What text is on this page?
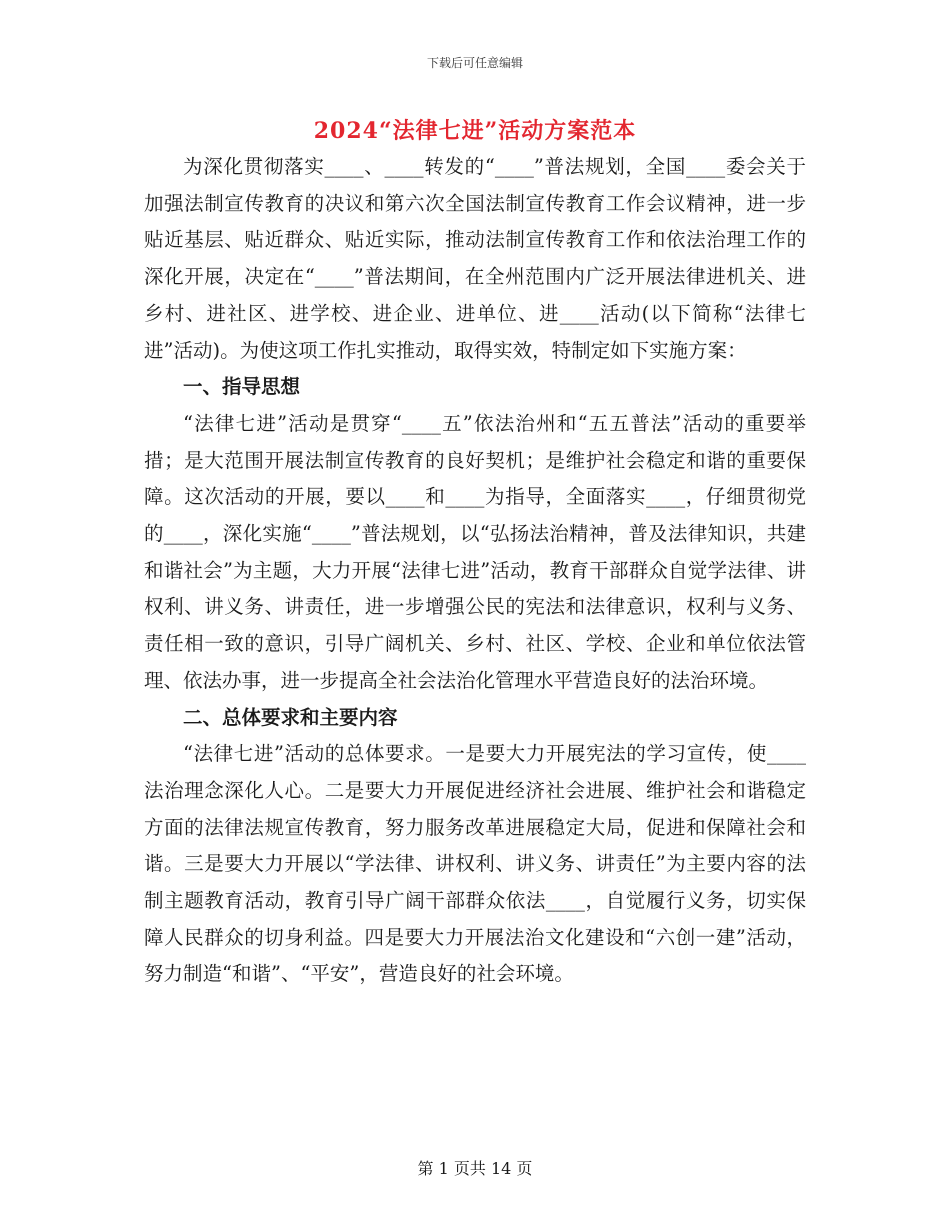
下载后可任意编辑
2024“法律七进”活动方案范本

为深化贯彻落实____、____转发的“____”普法规划，全国____委会关于加强法制宣传教育的决议和第六次全国法制宣传教育工作会议精神，进一步贴近基层、贴近群众、贴近实际，推动法制宣传教育工作和依法治理工作的深化开展，决定在“____”普法期间，在全州范围内广泛开展法律进机关、进乡村、进社区、进学校、进企业、进单位、进____活动(以下简称“法律七进”活动)。为使这项工作扎实推动，取得实效，特制定如下实施方案：

一、指导思想

“法律七进”活动是贯穿“____五”依法治州和“五五普法”活动的重要举措；是大范围开展法制宣传教育的良好契机；是维护社会稳定和谐的重要保障。这次活动的开展，要以____和____为指导，全面落实____，仔细贯彻党的____，深化实施“____”普法规划，以“弘扬法治精神，普及法律知识，共建和谐社会”为主题，大力开展“法律七进”活动，教育干部群众自觉学法律、讲权利、讲义务、讲责任，进一步增强公民的宪法和法律意识，权利与义务、责任相一致的意识，引导广阔机关、乡村、社区、学校、企业和单位依法管理、依法办事，进一步提高全社会法治化管理水平营造良好的法治环境。

二、总体要求和主要内容

“法律七进”活动的总体要求。一是要大力开展宪法的学习宣传，使____法治理念深化人心。二是要大力开展促进经济社会进展、维护社会和谐稳定方面的法律法规宣传教育，努力服务改革进展稳定大局，促进和保障社会和谐。三是要大力开展以“学法律、讲权利、讲义务、讲责任”为主要内容的法制主题教育活动，教育引导广阔干部群众依法____，自觉履行义务，切实保障人民群众的切身利益。四是要大力开展法治文化建设和“六创一建”活动，努力制造“和谐”、“平安”，营造良好的社会环境。

第 1 页共 14 页
